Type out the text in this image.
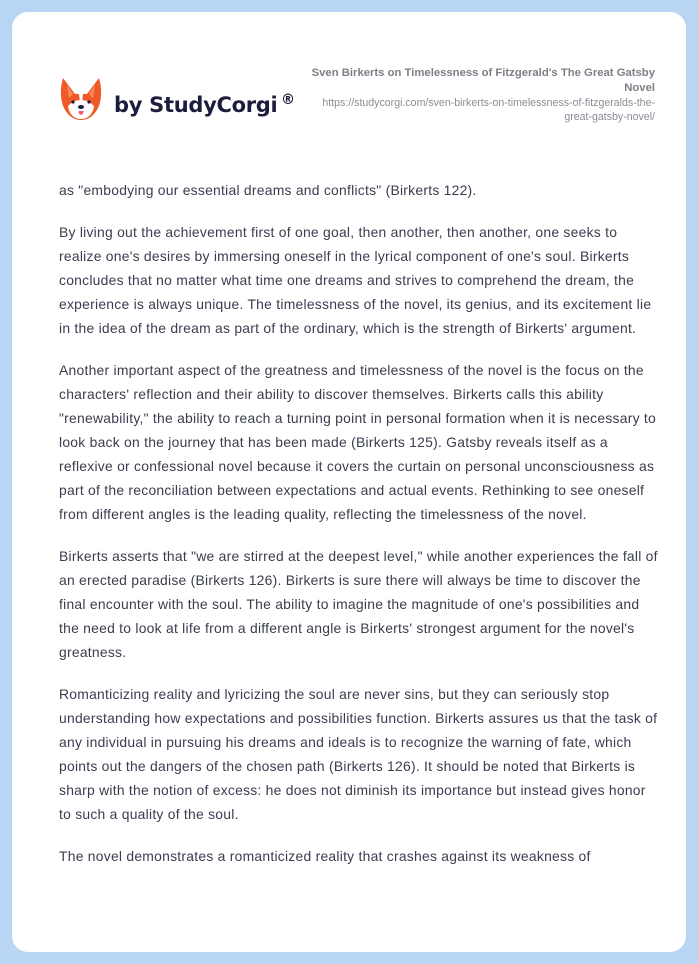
by StudyCorgi ®
Sven Birkerts on Timelessness of Fitzgerald's The Great Gatsby Novel
https://studycorgi.com/sven-birkerts-on-timelessness-of-fitzgeralds-the-great-gatsby-novel/

as "embodying our essential dreams and conflicts" (Birkerts 122).

By living out the achievement first of one goal, then another, then another, one seeks to realize one's desires by immersing oneself in the lyrical component of one's soul. Birkerts concludes that no matter what time one dreams and strives to comprehend the dream, the experience is always unique. The timelessness of the novel, its genius, and its excitement lie in the idea of the dream as part of the ordinary, which is the strength of Birkerts' argument.

Another important aspect of the greatness and timelessness of the novel is the focus on the characters' reflection and their ability to discover themselves. Birkerts calls this ability "renewability," the ability to reach a turning point in personal formation when it is necessary to look back on the journey that has been made (Birkerts 125). Gatsby reveals itself as a reflexive or confessional novel because it covers the curtain on personal unconsciousness as part of the reconciliation between expectations and actual events. Rethinking to see oneself from different angles is the leading quality, reflecting the timelessness of the novel.

Birkerts asserts that "we are stirred at the deepest level," while another experiences the fall of an erected paradise (Birkerts 126). Birkerts is sure there will always be time to discover the final encounter with the soul. The ability to imagine the magnitude of one's possibilities and the need to look at life from a different angle is Birkerts' strongest argument for the novel's greatness.

Romanticizing reality and lyricizing the soul are never sins, but they can seriously stop understanding how expectations and possibilities function. Birkerts assures us that the task of any individual in pursuing his dreams and ideals is to recognize the warning of fate, which points out the dangers of the chosen path (Birkerts 126). It should be noted that Birkerts is sharp with the notion of excess: he does not diminish its importance but instead gives honor to such a quality of the soul.

The novel demonstrates a romanticized reality that crashes against its weakness of
